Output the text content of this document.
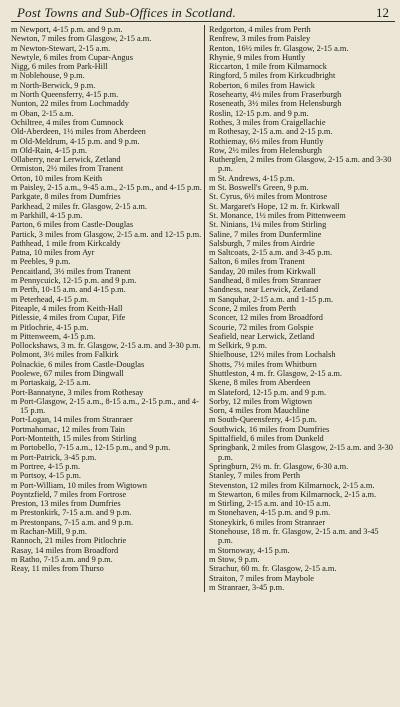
Post Towns and Sub-Offices in Scotland.	12
m Newport, 4-15 p.m. and 9 p.m.
Newton, 7 miles from Glasgow, 2-15 a.m.
m Newton-Stewart, 2-15 a.m.
Newtyle, 6 miles from Cupar-Angus
Nigg, 6 miles from Park-Hill
m Noblehouse, 9 p.m.
m North-Berwick, 9 p.m.
m North Queensferry, 4-15 p.m.
Nunton, 22 miles from Lochmaddy
m Oban, 2-15 a.m.
Ochiltree, 4 miles from Cumnock
Old-Aberdeen, 1½ miles from Aberdeen
m Old-Meldrum, 4-15 p.m. and 9 p.m.
m Old-Rain, 4-15 p.m.
Ollaberry, near Lerwick, Zetland
Ormiston, 2½ miles from Tranent
Orton, 10 miles from Keith
m Paisley, 2-15 a.m., 9-45 a.m., 2-15 p.m., and 4-15 p.m.
Parkgate, 8 miles from Dumfries
Parkhead, 2 miles fr. Glasgow, 2-15 a.m.
m Parkhill, 4-15 p.m.
Parton, 6 miles from Castle-Douglas
Partick, 3 miles from Glasgow, 2-15 a.m. and 12-15 p.m.
Pathhead, 1 mile from Kirkcaldy
Patna, 10 miles from Ayr
m Peebles, 9 p.m.
Pencaitland, 3½ miles from Tranent
m Pennycuick, 12-15 p.m. and 9 p.m.
m Perth, 10-15 a.m. and 4-15 p.m.
m Peterhead, 4-15 p.m.
Piteaple, 4 miles from Keith-Hall
Pitlessie, 4 miles from Cupar, Fife
m Pitlochrie, 4-15 p.m.
m Pittenweem, 4-15 p.m.
Pollockshaws, 3 m. fr. Glasgow, 2-15 a.m. and 3-30 p.m.
Polmont, 3½ miles from Falkirk
Polnackie, 6 miles from Castle-Douglas
Poolewe, 67 miles from Dingwall
m Portaskaig, 2-15 a.m.
Port-Bannatyne, 3 miles from Rothesay
m Port-Glasgow, 2-15 a.m., 8-15 a.m., 2-15 p.m., and 4-15 p.m.
Port-Logan, 14 miles from Stranraer
Portmahomac, 12 miles from Tain
Port-Monteith, 15 miles from Stirling
m Portobello, 7-15 a.m., 12-15 p.m., and 9 p.m.
m Port-Patrick, 3-45 p.m.
m Portree, 4-15 p.m.
m Portsoy, 4-15 p.m.
m Port-William, 10 miles from Wigtown
Poyntzfield, 7 miles from Fortrose
Preston, 13 miles from Dumfries
m Prestonkirk, 7-15 a.m. and 9 p.m.
m Prestonpans, 7-15 a.m. and 9 p.m.
m Rachan-Mill, 9 p.m.
Rannoch, 21 miles from Pitlochrie
Rasay, 14 miles from Broadford
m Ratho, 7-15 a.m. and 9 p.m.
Reay, 11 miles from Thurso
Redgorton, 4 miles from Perth
Renfrew, 3 miles from Paisley
Renton, 16½ miles fr. Glasgow, 2-15 a.m.
Rhynie, 9 miles from Huntly
Riccarton, 1 mile from Kilmarnock
Ringford, 5 miles from Kirkcudbright
Roberton, 6 miles from Hawick
Rosehearty, 4½ miles from Fraserburgh
Roseneath, 3½ miles from Helensburgh
Roslin, 12-15 p.m. and 9 p.m.
Rothes, 3 miles from Craigellachie
m Rothesay, 2-15 a.m. and 2-15 p.m.
Rothiemay, 6½ miles from Huntly
Row, 2½ miles from Helensburgh
Rutherglen, 2 miles from Glasgow, 2-15 a.m. and 3-30 p.m.
m St. Andrews, 4-15 p.m.
m St. Boswell's Green, 9 p.m.
St. Cyrus, 6½ miles from Montrose
St. Margaret's Hope, 12 m. fr. Kirkwall
St. Monance, 1½ miles from Pittenweem
St. Ninians, 1¼ miles from Stirling
Saline, 7 miles from Dunfermline
Salsburgh, 7 miles from Airdrie
m Saltcoats, 2-15 a.m. and 3-45 p.m.
Salton, 6 miles from Tranent
Sanday, 20 miles from Kirkwall
Sandhead, 8 miles from Stranraer
Sandness, near Lerwick, Zetland
m Sanquhar, 2-15 a.m. and 1-15 p.m.
Scone, 2 miles from Perth
Sconcer, 12 miles from Broadford
Scourie, 72 miles from Golspie
Seafield, near Lerwick, Zetland
m Selkirk, 9 p.m.
Shielhouse, 12½ miles from Lochalsh
Shotts, 7½ miles from Whitburn
Shuttleston, 4 m. fr. Glasgow, 2-15 a.m.
Skene, 8 miles from Aberdeen
m Slateford, 12-15 p.m. and 9 p.m.
Sorby, 12 miles from Wigtown
Sorn, 4 miles from Mauchline
m South-Queensferry, 4-15 p.m.
Southwick, 16 miles from Dumfries
Spittalfield, 6 miles from Dunkeld
Springbank, 2 miles from Glasgow, 2-15 a.m. and 3-30 p.m.
Springburn, 2½ m. fr. Glasgow, 6-30 a.m.
Stanley, 7 miles from Perth
Stevenston, 12 miles from Kilmarnock, 2-15 a.m.
m Stewarton, 6 miles from Kilmarnock, 2-15 a.m.
m Stirling, 2-15 a.m. and 10-15 a.m.
m Stonehaven, 4-15 p.m. and 9 p.m.
Stoneykirk, 6 miles from Stranraer
Stonehouse, 18 m. fr. Glasgow, 2-15 a.m. and 3-45 p.m.
m Stornoway, 4-15 p.m.
m Stow, 9 p.m.
Strachur, 60 m. fr. Glasgow, 2-15 a.m.
Straiton, 7 miles from Maybole
m Stranraer, 3-45 p.m.
